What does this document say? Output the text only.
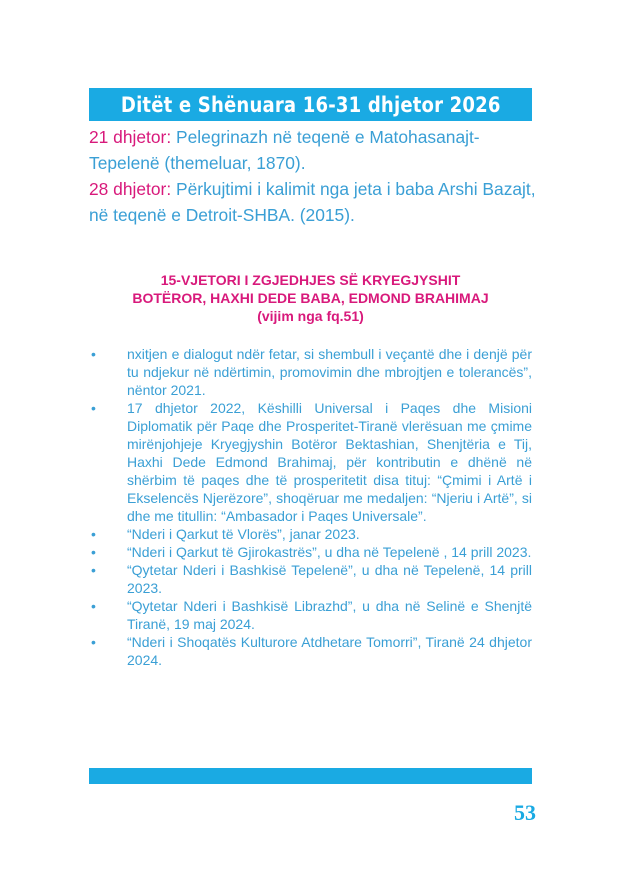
Ditët e Shënuara 16-31 dhjetor 2026

21 dhjetor: Pelegrinazh në teqenë e Matohasanajt-Tepelenë (themeluar, 1870).

28 dhjetor: Përkujtimi i kalimit nga jeta i baba Arshi Bazajt, në teqenë e Detroit-SHBA. (2015).

15-VJETORI I ZGJEDHJES SË KRYEGJYSHIT
BOTËROR, HAXHI DEDE BABA, EDMOND BRAHIMAJ
(vijim nga fq.51)
• nxitjen e dialogut ndër fetar, si shembull i veçantë dhe i denjë për tu ndjekur në ndërtimin, promovimin dhe mbrojtjen e tolerancës”, nëntor 2021.
• 17 dhjetor 2022, Këshilli Universal i Paqes dhe Misioni Diplomatik për Paqe dhe Prosperitet-Tiranë vlerësuan me çmime mirënjohjeje Kryegjyshin Botëror Bektashian, Shenjtëria e Tij, Haxhi Dede Edmond Brahimaj, për kontributin e dhënë në shërbim të paqes dhe të prosperitetit disa tituj: “Çmimi i Artë i Ekselencës Njerëzore”, shoqëruar me medaljen: “Njeriu i Artë”, si dhe me titullin: “Ambasador i Paqes Universale”.
• “Nderi i Qarkut të Vlorës”, janar 2023.
• “Nderi i Qarkut të Gjirokastrës”, u dha në Tepelenë , 14 prill 2023.
• “Qytetar Nderi i Bashkisë Tepelenë”, u dha në Tepelenë, 14 prill 2023.
• “Qytetar Nderi i Bashkisë Librazhd”, u dha në Selinë e Shenjtë Tiranë, 19 maj 2024.
• “Nderi i Shoqatës Kulturore Atdhetare Tomorri”, Tiranë 24 dhjetor 2024.
53
